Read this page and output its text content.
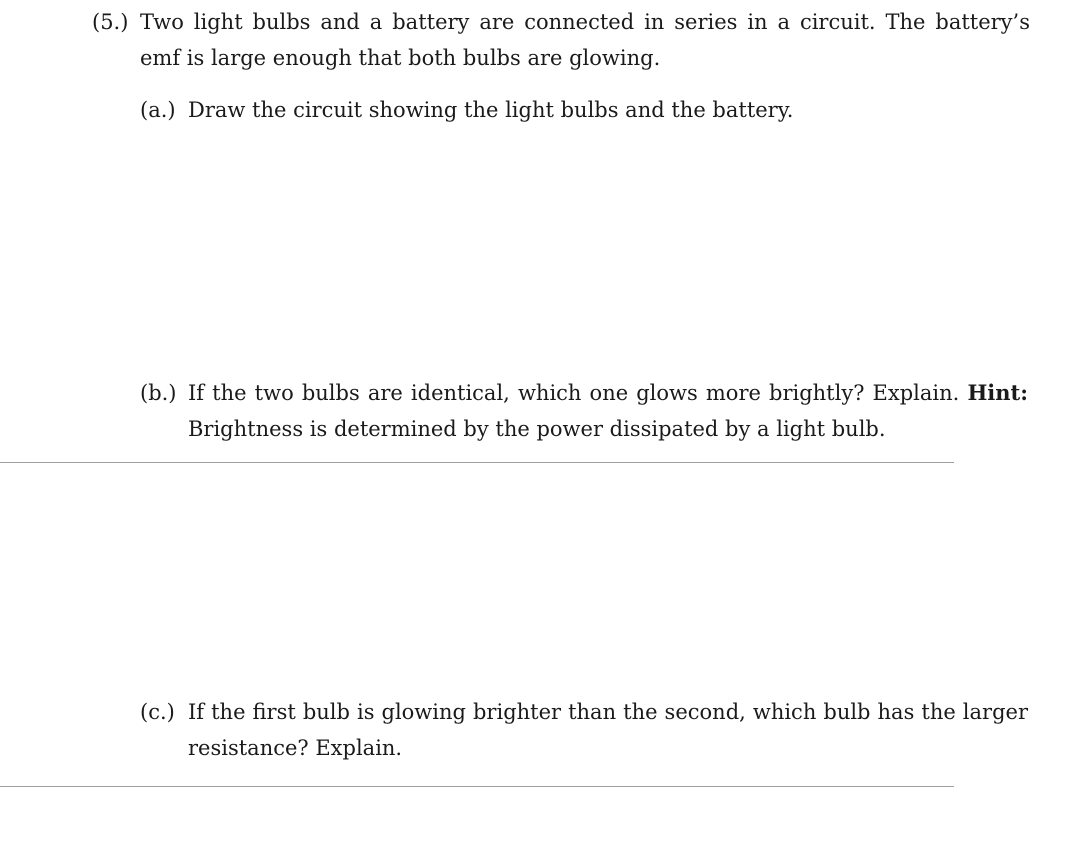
(5.) Two light bulbs and a battery are connected in series in a circuit. The battery’s emf is large enough that both bulbs are glowing.
(a.) Draw the circuit showing the light bulbs and the battery.
(b.) If the two bulbs are identical, which one glows more brightly? Explain. Hint: Brightness is determined by the power dissipated by a light bulb.
(c.) If the first bulb is glowing brighter than the second, which bulb has the larger resistance? Explain.
